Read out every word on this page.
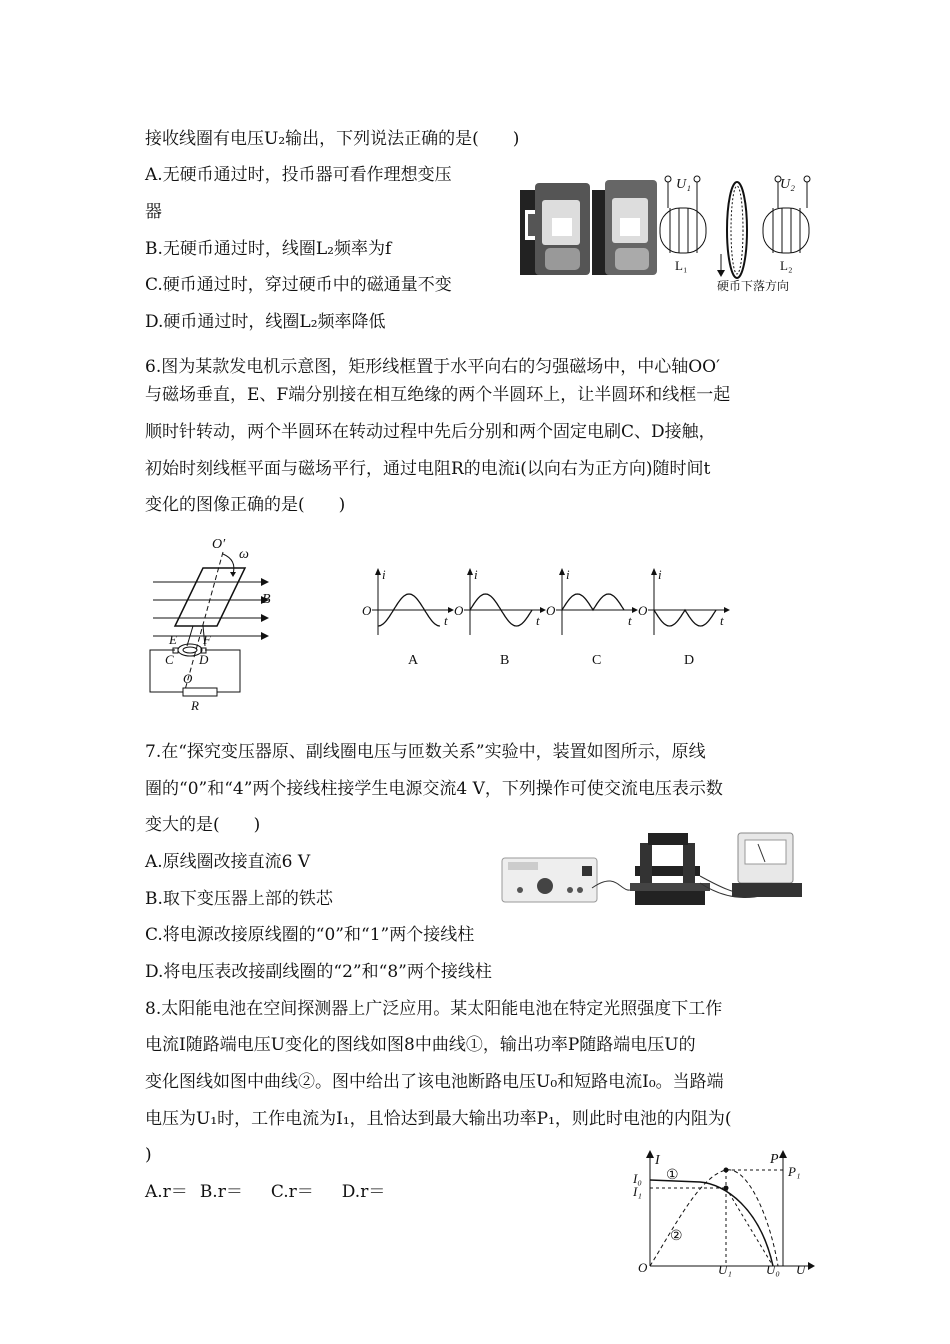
接收线圈有电压U₂输出，下列说法正确的是(　　)
A.无硬币通过时，投币器可看作理想变压
器
B.无硬币通过时，线圈L₂频率为f
C.硬币通过时，穿过硬币中的磁通量不变
D.硬币通过时，线圈L₂频率降低
U₁
L₁
U₂
L₂
硬币下落方向
6.图为某款发电机示意图，矩形线框置于水平向右的匀强磁场中，中心轴OO′
与磁场垂直，E、F端分别接在相互绝缘的两个半圆环上，让半圆环和线框一起
顺时针转动，两个半圆环在转动过程中先后分别和两个固定电刷C、D接触，
初始时刻线框平面与磁场平行，通过电阻R的电流i(以向右为正方向)随时间t
变化的图像正确的是(　　)
O′
ω
B
E F
C D
O
R
i
O
t
A
i
O
t
B
i
O
t
C
i
O
t
D
7.在“探究变压器原、副线圈电压与匝数关系”实验中，装置如图所示，原线
圈的“0”和“4”两个接线柱接学生电源交流4 V，下列操作可使交流电压表示数
变大的是(　　)
A.原线圈改接直流6 V
B.取下变压器上部的铁芯
C.将电源改接原线圈的“0”和“1”两个接线柱
D.将电压表改接副线圈的“2”和“8”两个接线柱
8.太阳能电池在空间探测器上广泛应用。某太阳能电池在特定光照强度下工作
电流I随路端电压U变化的图线如图8中曲线①，输出功率P随路端电压U的
变化图线如图中曲线②。图中给出了该电池断路电压U₀和短路电流I₀。当路端
电压为U₁时，工作电流为I₁，且恰达到最大输出功率P₁，则此时电池的内阻为(
)
A.r＝ B.r＝ C.r＝ D.r＝
I	P
I₀
I₁
P₁
①
②
O	U₁	U₀ U
